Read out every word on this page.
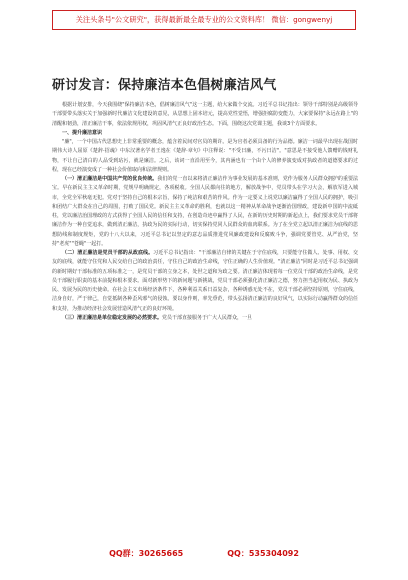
关注头条号"公文研究"，获得最新最全最专业的公文资料库！ 微信：gongwenyj
研讨发言：保持廉洁本色倡树廉洁风气

根据计划安排，今天我围绕"保持廉洁本色，倡树廉洁风气"这一主题，给大家做个交流。习近平总书记指出：领导干部特别是高级领导干部要带头落实关于加强新时代廉洁文化建设的意见，从思想上固本培元，提高党性觉悟，增强拒腐防变能力，大家要保持"永远在路上"的清醒和韧劲，清正廉洁干事，依法依规用权，巩固风清气正良好政治生态。下面，围绕这次党课主题，我谈3个方面要求。

一、提升廉洁意识

"廉"，一个中国古代思想史上非常重要的概念，蕴含着民间对官员的期许。是为官者必须具备的行为品德。廉洁一词最早出现在战国时期伟大诗人屈原《楚辞·招魂》中东汉著名学者王逸在《楚辞·章句》中注释说："不受曰廉，不污曰洁"。"意思是不接受他人馈赠的钱财礼物，不让自己清白的人品受到玷污，就是廉洁。之后，该词一直沿用至今，其内涵也有一个由个人的修养演变成对执政者的道德要求的过程，现在已经演变成了一种社会价值取向和法律规则。

（一）清正廉洁是中国共产党的优良传统。我们的党一直以来将清正廉洁作为事业发展的基本准则，党作为服务人民群众拥护的重要法宝。早在新民主主义革命时期，党规早明确规定，各项税收。全国人民都向往的地方，解放战争中，党员带头在学习大会，解放军进入城市，全党全军秋毫无犯。党对于坚持自己的根本宗旨，保持了纯洁和艰苦的作风。作为一定要义上说党以廉洁赢得了全国人民的拥护，吸引和团结广大群众在自己的周围，打败了国民党。新民主主义革命的胜利，也就以这一精神从革命战争逐渐治国理政，建设新中国的中流砥柱，党以廉洁治国理政的方式获得了全国人民的信任和支持，在创造奇迹中赢得了人民，在新的历史时期的新起点上，我们要求党员干部将廉洁作为一种自觉追求，做到清正廉洁，执政为民的实际行动，切实保持党同人民群众的血肉联系。为了在全党立起以清正廉洁为底线的思想防线和制度规矩，党的十八大以来，习近平总书记以坚定的意志品质推进党风廉政建设和反腐败斗争，强调党要管党、从严治党，坚持"老虎""苍蝇"一起打。

（二）清正廉洁是党员干部的从政底线。习近平总书记指出："干部廉洁自律的关键在于守住底线，只要能守住做人、处事、用权、交友的底线，就能守住党和人民交给自己的政治责任，守住自己的政治生命线，守住正确的人生价值观。"清正廉洁"同时是习近平总书记强调的新时期好干部标准的五项标准之一，是党员干部的立身之本，处世之道和为政之要。清正廉洁体现着每一位党员干部的政治生命线，是党员干部履行职责的基本前提和根本要求。面对新形势下的新问题与新挑战，党员干部必须强化清正廉洁之德，努力担当起用权为民、执政为民、发展为民的历史使命。在社会主义市场经济条件下，各种利益关系日益复杂，各种诱惑无处不在，党员干部必须坚持原则，守住底线，洁身自好，严于律己，自觉抵制各种歪风邪气的侵蚀。要以身作则，率先垂范，带头弘扬清正廉洁的良好风气，以实际行动赢得群众的信任和支持，为推动经济社会发展营造风清气正的良好环境。

（三）清正廉洁是单位稳定发展的必然要求。党员干部直接服务于广大人民群众，一旦

QQ群：30265665	QQ：535304092
